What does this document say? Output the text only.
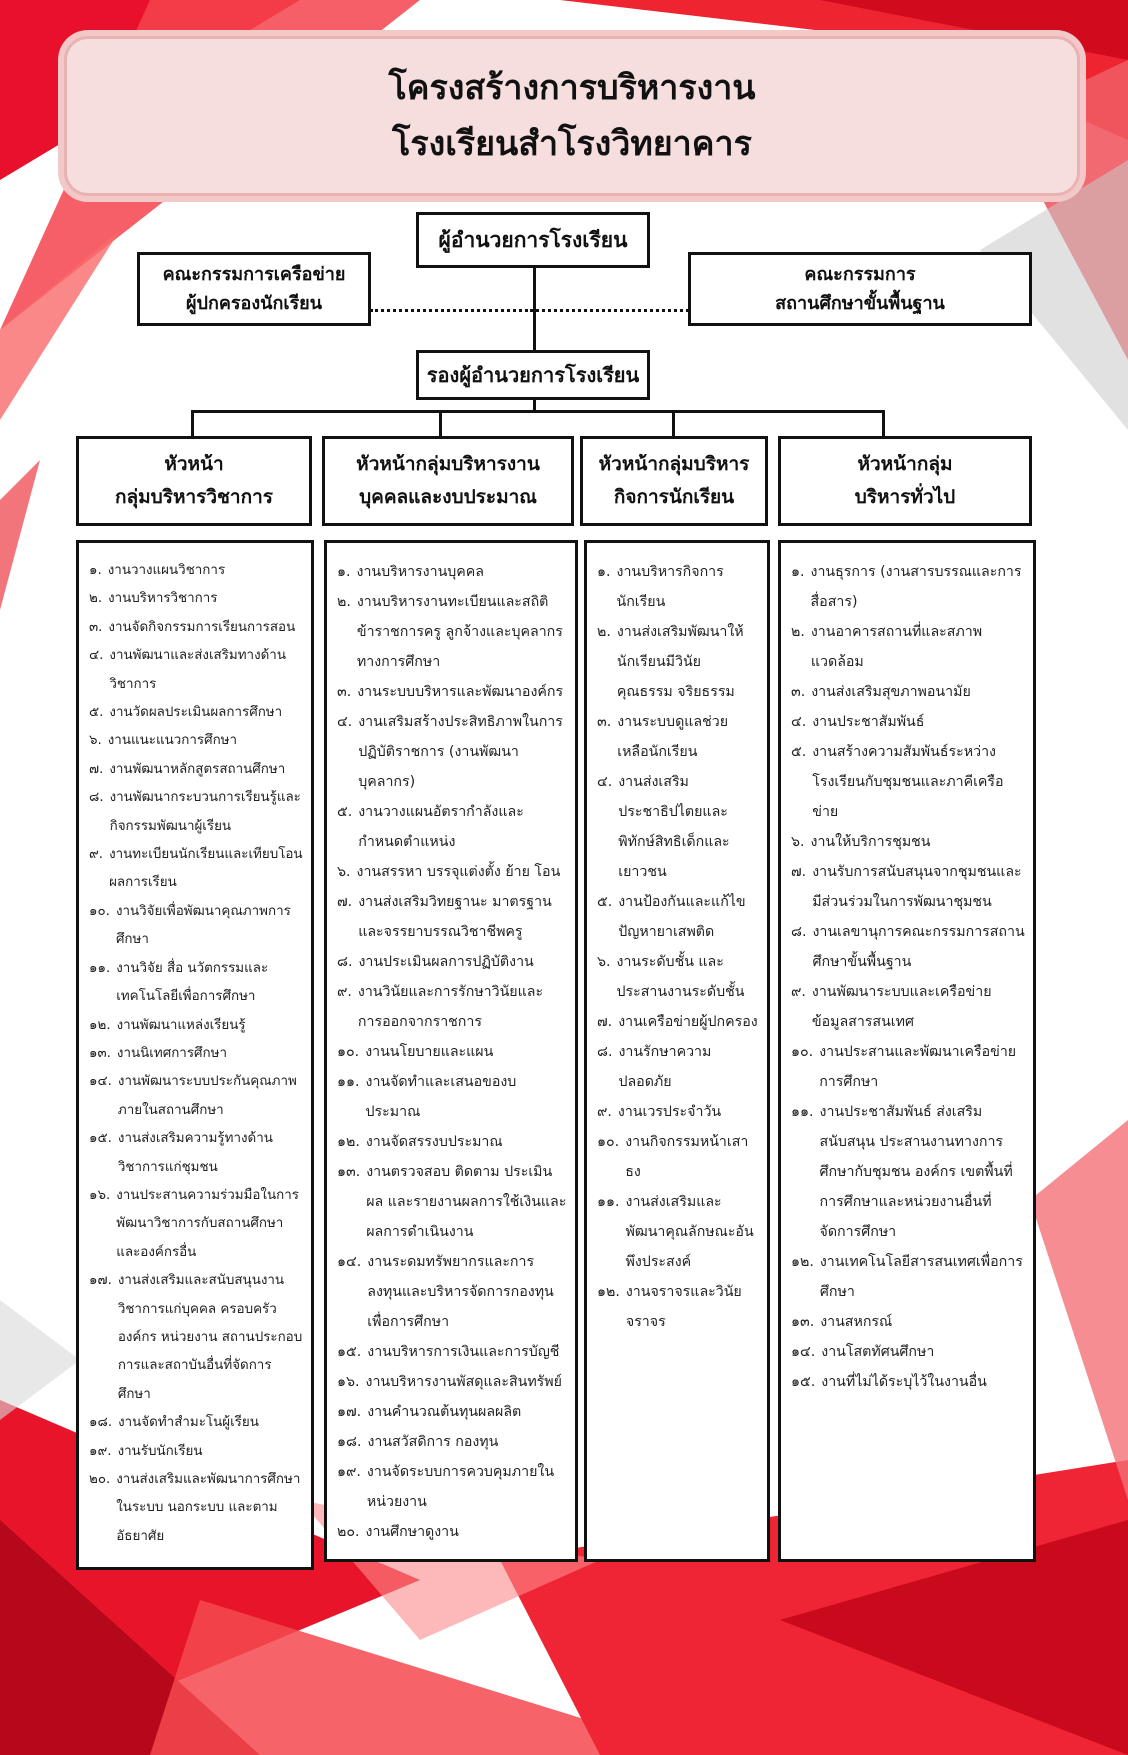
โครงสร้างการบริหารงาน
โรงเรียนสำโรงวิทยาคาร
ผู้อำนวยการโรงเรียน
คณะกรรมการเครือข่าย
ผู้ปกครองนักเรียน
คณะกรรมการ
สถานศึกษาขั้นพื้นฐาน
รองผู้อำนวยการโรงเรียน
หัวหน้า
กลุ่มบริหารวิชาการ
หัวหน้ากลุ่มบริหารงาน
บุคคลและงบประมาณ
หัวหน้ากลุ่มบริหาร
กิจการนักเรียน
หัวหน้ากลุ่ม
บริหารทั่วไป
๑. งานวางแผนวิชาการ
๒. งานบริหารวิชาการ
๓. งานจัดกิจกรรมการเรียนการสอน
๔. งานพัฒนาและส่งเสริมทางด้านวิชาการ
๕. งานวัดผลประเมินผลการศึกษา
๖. งานแนะแนวการศึกษา
๗. งานพัฒนาหลักสูตรสถานศึกษา
๘. งานพัฒนากระบวนการเรียนรู้และกิจกรรมพัฒนาผู้เรียน
๙. งานทะเบียนนักเรียนและเทียบโอนผลการเรียน
๑๐. งานวิจัยเพื่อพัฒนาคุณภาพการศึกษา
๑๑. งานวิจัย สื่อ นวัตกรรมและเทคโนโลยีเพื่อการศึกษา
๑๒. งานพัฒนาแหล่งเรียนรู้
๑๓. งานนิเทศการศึกษา
๑๔. งานพัฒนาระบบประกันคุณภาพภายในสถานศึกษา
๑๕. งานส่งเสริมความรู้ทางด้านวิชาการแก่ชุมชน
๑๖. งานประสานความร่วมมือในการพัฒนาวิชาการกับสถานศึกษาและองค์กรอื่น
๑๗. งานส่งเสริมและสนับสนุนงานวิชาการแก่บุคคล ครอบครัว องค์กร หน่วยงาน สถานประกอบการและสถาบันอื่นที่จัดการศึกษา
๑๘. งานจัดทำสำมะโนผู้เรียน
๑๙. งานรับนักเรียน
๒๐. งานส่งเสริมและพัฒนาการศึกษาในระบบ นอกระบบ และตามอัธยาศัย
๑. งานบริหารงานบุคคล
๒. งานบริหารงานทะเบียนและสถิติข้าราชการครู ลูกจ้างและบุคลากรทางการศึกษา
๓. งานระบบบริหารและพัฒนาองค์กร
๔. งานเสริมสร้างประสิทธิภาพในการปฏิบัติราชการ (งานพัฒนาบุคลากร)
๕. งานวางแผนอัตรากำลังและกำหนดตำแหน่ง
๖. งานสรรหา บรรจุแต่งตั้ง ย้าย โอน
๗. งานส่งเสริมวิทยฐานะ มาตรฐานและจรรยาบรรณวิชาชีพครู
๘. งานประเมินผลการปฏิบัติงาน
๙. งานวินัยและการรักษาวินัยและการออกจากราชการ
๑๐. งานนโยบายและแผน
๑๑. งานจัดทำและเสนอของบประมาณ
๑๒. งานจัดสรรงบประมาณ
๑๓. งานตรวจสอบ ติดตาม ประเมินผล และรายงานผลการใช้เงินและผลการดำเนินงาน
๑๔. งานระดมทรัพยากรและการลงทุนและบริหารจัดการกองทุนเพื่อการศึกษา
๑๕. งานบริหารการเงินและการบัญชี
๑๖. งานบริหารงานพัสดุและสินทรัพย์
๑๗. งานคำนวณต้นทุนผลผลิต
๑๘. งานสวัสดิการ กองทุน
๑๙. งานจัดระบบการควบคุมภายในหน่วยงาน
๒๐. งานศึกษาดูงาน
๑. งานบริหารกิจการนักเรียน
๒. งานส่งเสริมพัฒนาให้นักเรียนมีวินัย คุณธรรม จริยธรรม
๓. งานระบบดูแลช่วยเหลือนักเรียน
๔. งานส่งเสริมประชาธิปไตยและพิทักษ์สิทธิเด็กและเยาวชน
๕. งานป้องกันและแก้ไขปัญหายาเสพติด
๖. งานระดับชั้น และประสานงานระดับชั้น
๗. งานเครือข่ายผู้ปกครอง
๘. งานรักษาความปลอดภัย
๙. งานเวรประจำวัน
๑๐. งานกิจกรรมหน้าเสาธง
๑๑. งานส่งเสริมและพัฒนาคุณลักษณะอันพึงประสงค์
๑๒. งานจราจรและวินัยจราจร
๑. งานธุรการ (งานสารบรรณและการสื่อสาร)
๒. งานอาคารสถานที่และสภาพแวดล้อม
๓. งานส่งเสริมสุขภาพอนามัย
๔. งานประชาสัมพันธ์
๕. งานสร้างความสัมพันธ์ระหว่างโรงเรียนกับชุมชนและภาคีเครือข่าย
๖. งานให้บริการชุมชน
๗. งานรับการสนับสนุนจากชุมชนและมีส่วนร่วมในการพัฒนาชุมชน
๘. งานเลขานุการคณะกรรมการสถานศึกษาขั้นพื้นฐาน
๙. งานพัฒนาระบบและเครือข่ายข้อมูลสารสนเทศ
๑๐. งานประสานและพัฒนาเครือข่ายการศึกษา
๑๑. งานประชาสัมพันธ์ ส่งเสริม สนับสนุน ประสานงานทางการศึกษากับชุมชน องค์กร เขตพื้นที่การศึกษาและหน่วยงานอื่นที่จัดการศึกษา
๑๒. งานเทคโนโลยีสารสนเทศเพื่อการศึกษา
๑๓. งานสหกรณ์
๑๔. งานโสตทัศนศึกษา
๑๕. งานที่ไม่ได้ระบุไว้ในงานอื่น
